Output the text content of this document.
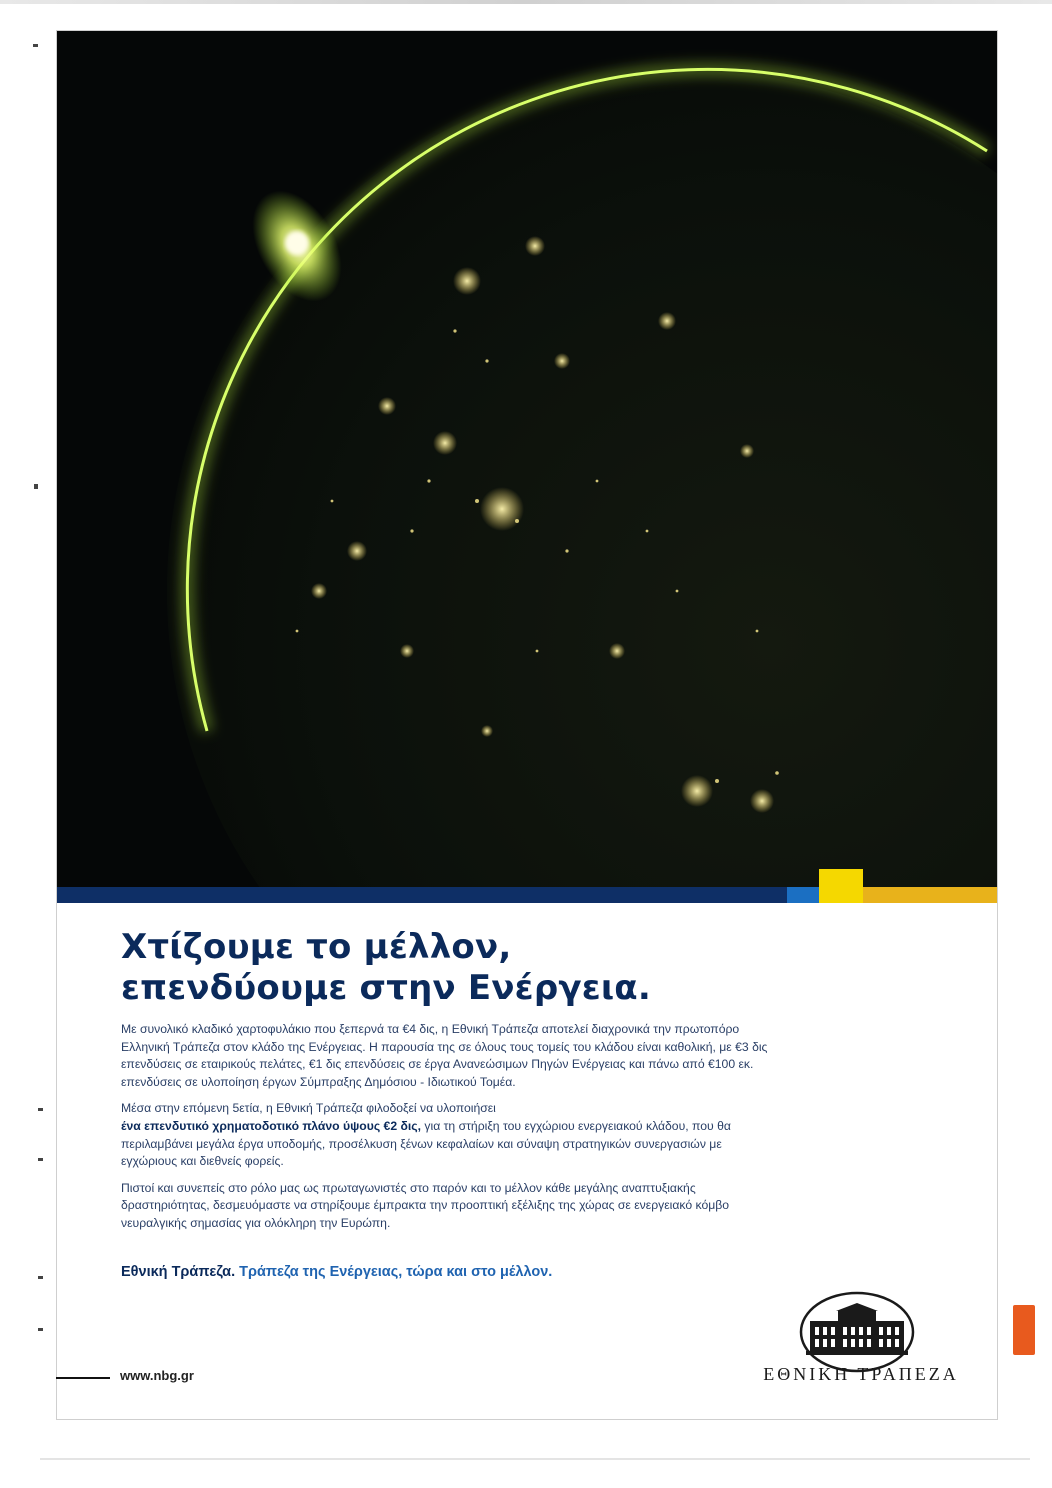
Χτίζουμε το μέλλον,
επενδύουμε στην Ενέργεια.

Με συνολικό κλαδικό χαρτοφυλάκιο που ξεπερνά τα €4 δις, η Εθνική Τράπεζα αποτελεί διαχρονικά την πρωτοπόρο Ελληνική Τράπεζα στον κλάδο της Ενέργειας. Η παρουσία της σε όλους τους τομείς του κλάδου είναι καθολική, με €3 δις επενδύσεις σε εταιρικούς πελάτες, €1 δις επενδύσεις σε έργα Ανανεώσιμων Πηγών Ενέργειας και πάνω από €100 εκ. επενδύσεις σε υλοποίηση έργων Σύμπραξης Δημόσιου - Ιδιωτικού Τομέα.

Μέσα στην επόμενη 5ετία, η Εθνική Τράπεζα φιλοδοξεί να υλοποιήσει
ένα επενδυτικό χρηματοδοτικό πλάνο ύψους €2 δις, για τη στήριξη του εγχώριου ενεργειακού κλάδου, που θα περιλαμβάνει μεγάλα έργα υποδομής, προσέλκυση ξένων κεφαλαίων και σύναψη στρατηγικών συνεργασιών με εγχώριους και διεθνείς φορείς.

Πιστοί και συνεπείς στο ρόλο μας ως πρωταγωνιστές στο παρόν και το μέλλον κάθε μεγάλης αναπτυξιακής δραστηριότητας, δεσμευόμαστε να στηρίξουμε έμπρακτα την προοπτική εξέλιξης της χώρας σε ενεργειακό κόμβο νευραλγικής σημασίας για ολόκληρη την Ευρώπη.

Εθνική Τράπεζα. Τράπεζα της Ενέργειας, τώρα και στο μέλλον.
www.nbg.gr	ΕΘΝΙΚΗ ΤΡΑΠΕΖΑ
